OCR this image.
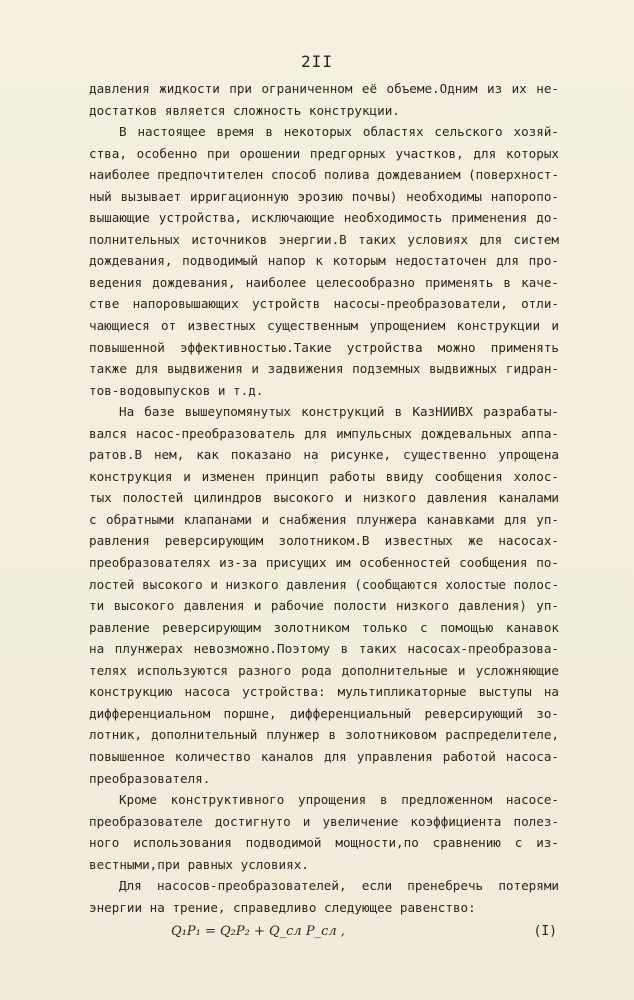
2II
давления жидкости при ограниченном её объеме.Одним из их не-
достатков является сложность конструкции.
В настоящее время в некоторых областях сельского хозяй-
ства, особенно при орошении предгорных участков, для которых
наиболее предпочтителен способ полива дождеванием (поверхност-
ный вызывает ирригационную эрозию почвы) необходимы напоропо-
вышающие устройства, исключающие необходимость применения до-
полнительных источников энергии.В таких условиях для систем
дождевания, подводимый напор к которым недостаточен для про-
ведения дождевания, наиболее целесообразно применять в каче-
стве напоровышающих устройств насосы-преобразователи, отли-
чающиеся от известных существенным упрощением конструкции и
повышенной эффективностью.Такие устройства можно применять
также для выдвижения и задвижения подземных выдвижных гидран-
тов-водовыпусков и т.д.
На базе вышеупомянутых конструкций в КазНИИВХ разрабаты-
вался насос-преобразователь для импульсных дождевальных аппа-
ратов.В нем, как показано на рисунке, существенно упрощена
конструкция и изменен принцип работы ввиду сообщения холос-
тых полостей цилиндров высокого и низкого давления каналами
с обратными клапанами и снабжения плунжера канавками для уп-
равления реверсирующим золотником.В известных же насосах-
преобразователях из-за присущих им особенностей сообщения по-
лостей высокого и низкого давления (сообщаются холостые полос-
ти высокого давления и рабочие полости низкого давления) уп-
равление реверсирующим золотником только с помощью канавок
на плунжерах невозможно.Поэтому в таких насосах-преобразова-
телях используются разного рода дополнительные и усложняющие
конструкцию насоса устройства: мультипликаторные выступы на
дифференциальном поршне, дифференциальный реверсирующий зо-
лотник, дополнительный плунжер в золотниковом распределителе,
повышенное количество каналов для управления работой насоса-
преобразователя.
Кроме конструктивного упрощения в предложенном насосе-
преобразователе достигнуто и увеличение коэффициента полез-
ного использования подводимой мощности,по сравнению с из-
вестными,при равных условиях.
Для насосов-преобразователей, если пренебречь потерями
энергии на трение, справедливо следующее равенство:
Q₁P₁ = Q₂P₂ + Q_сл P_сл ,	(I)
